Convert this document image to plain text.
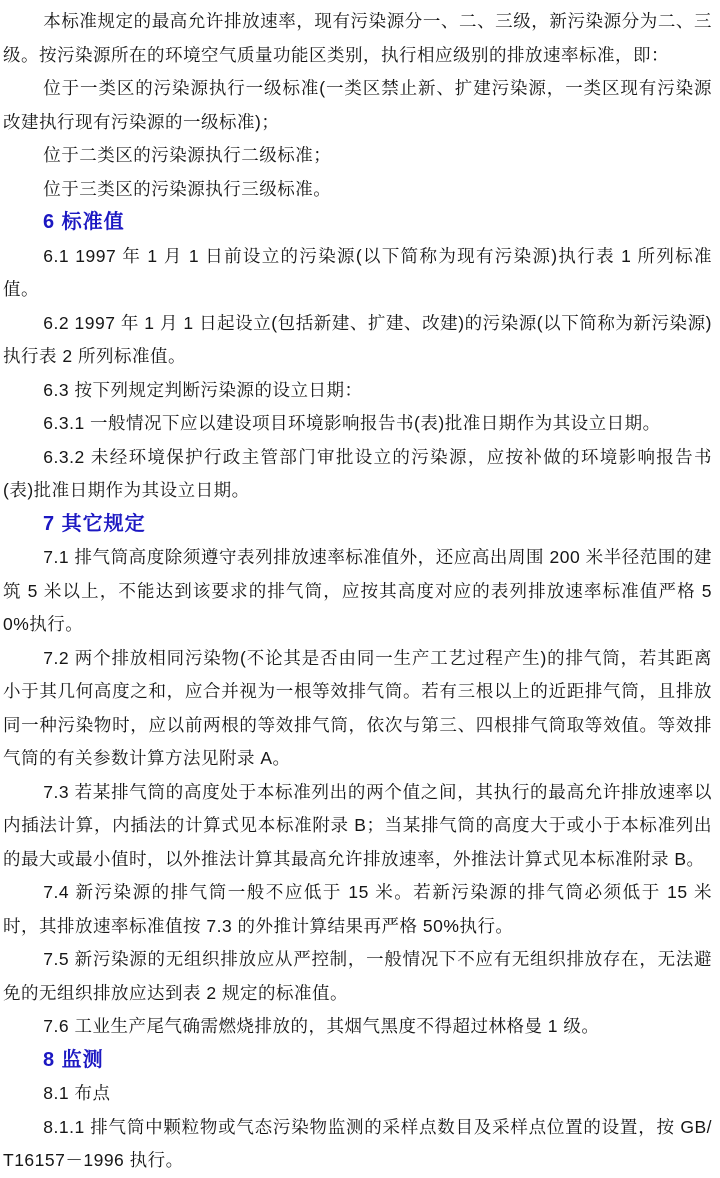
本标准规定的最高允许排放速率，现有污染源分一、二、三级，新污染源分为二、三级。按污染源所在的环境空气质量功能区类别，执行相应级别的排放速率标准，即：

位于一类区的污染源执行一级标准(一类区禁止新、扩建污染源，一类区现有污染源改建执行现有污染源的一级标准)；

位于二类区的污染源执行二级标准；

位于三类区的污染源执行三级标准。

6 标准值

6.1 1997 年 1 月 1 日前设立的污染源(以下简称为现有污染源)执行表 1 所列标准值。

6.2 1997 年 1 月 1 日起设立(包括新建、扩建、改建)的污染源(以下简称为新污染源)执行表 2 所列标准值。

6.3 按下列规定判断污染源的设立日期：

6.3.1 一般情况下应以建设项目环境影响报告书(表)批准日期作为其设立日期。

6.3.2 未经环境保护行政主管部门审批设立的污染源，应按补做的环境影响报告书(表)批准日期作为其设立日期。

7 其它规定

7.1 排气筒高度除须遵守表列排放速率标准值外，还应高出周围 200 米半径范围的建筑 5 米以上，不能达到该要求的排气筒，应按其高度对应的表列排放速率标准值严格 50%执行。

7.2 两个排放相同污染物(不论其是否由同一生产工艺过程产生)的排气筒，若其距离小于其几何高度之和，应合并视为一根等效排气筒。若有三根以上的近距排气筒，且排放同一种污染物时，应以前两根的等效排气筒，依次与第三、四根排气筒取等效值。等效排气筒的有关参数计算方法见附录 A。

7.3 若某排气筒的高度处于本标准列出的两个值之间，其执行的最高允许排放速率以内插法计算，内插法的计算式见本标准附录 B；当某排气筒的高度大于或小于本标准列出的最大或最小值时，以外推法计算其最高允许排放速率，外推法计算式见本标准附录 B。

7.4 新污染源的排气筒一般不应低于 15 米。若新污染源的排气筒必须低于 15 米时，其排放速率标准值按 7.3 的外推计算结果再严格 50%执行。

7.5 新污染源的无组织排放应从严控制，一般情况下不应有无组织排放存在，无法避免的无组织排放应达到表 2 规定的标准值。

7.6 工业生产尾气确需燃烧排放的，其烟气黑度不得超过林格曼 1 级。

8 监测

8.1 布点

8.1.1 排气筒中颗粒物或气态污染物监测的采样点数目及采样点位置的设置，按 GB/T16157－1996 执行。
